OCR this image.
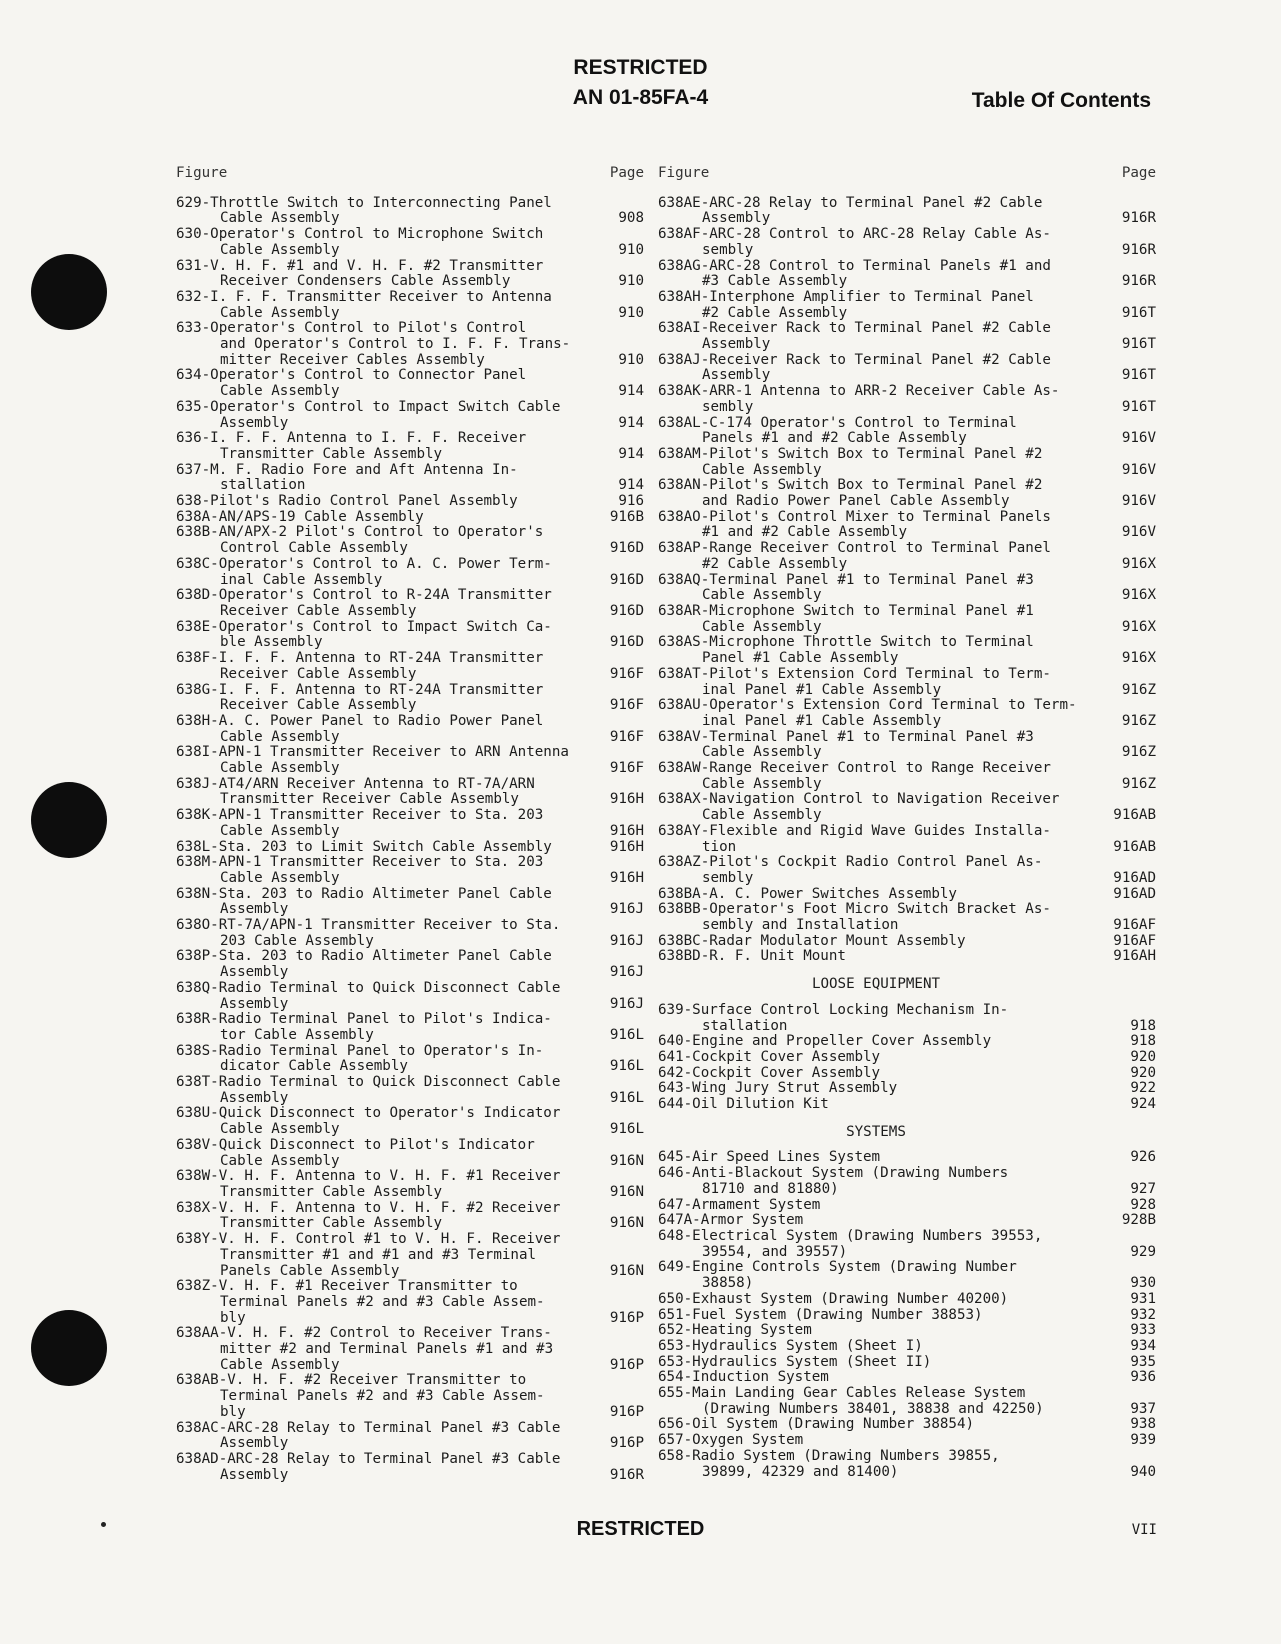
RESTRICTED
AN 01-85FA-4	Table Of Contents
Figure	Page
629-Throttle Switch to Interconnecting Panel
Cable Assembly	908
630-Operator's Control to Microphone Switch
Cable Assembly	910
631-V. H. F. #1 and V. H. F. #2 Transmitter
Receiver Condensers Cable Assembly	910
632-I. F. F. Transmitter Receiver to Antenna
Cable Assembly	910
633-Operator's Control to Pilot's Control
and Operator's Control to I. F. F. Trans-
mitter Receiver Cables Assembly	910
634-Operator's Control to Connector Panel
Cable Assembly	914
635-Operator's Control to Impact Switch Cable
Assembly	914
636-I. F. F. Antenna to I. F. F. Receiver
Transmitter Cable Assembly	914
637-M. F. Radio Fore and Aft Antenna In-
stallation	914
638-Pilot's Radio Control Panel Assembly	916
638A-AN/APS-19 Cable Assembly	916B
638B-AN/APX-2 Pilot's Control to Operator's
Control Cable Assembly	916D
638C-Operator's Control to A. C. Power Term-
inal Cable Assembly	916D
638D-Operator's Control to R-24A Transmitter
Receiver Cable Assembly	916D
638E-Operator's Control to Impact Switch Ca-
ble Assembly	916D
638F-I. F. F. Antenna to RT-24A Transmitter
Receiver Cable Assembly	916F
638G-I. F. F. Antenna to RT-24A Transmitter
Receiver Cable Assembly	916F
638H-A. C. Power Panel to Radio Power Panel
Cable Assembly	916F
638I-APN-1 Transmitter Receiver to ARN Antenna
Cable Assembly	916F
638J-AT4/ARN Receiver Antenna to RT-7A/ARN
Transmitter Receiver Cable Assembly	916H
638K-APN-1 Transmitter Receiver to Sta. 203
Cable Assembly	916H
638L-Sta. 203 to Limit Switch Cable Assembly	916H
638M-APN-1 Transmitter Receiver to Sta. 203
Cable Assembly	916H
638N-Sta. 203 to Radio Altimeter Panel Cable
Assembly	916J
638O-RT-7A/APN-1 Transmitter Receiver to Sta.
203 Cable Assembly	916J
638P-Sta. 203 to Radio Altimeter Panel Cable
Assembly	916J
638Q-Radio Terminal to Quick Disconnect Cable
Assembly	916J
638R-Radio Terminal Panel to Pilot's Indica-
tor Cable Assembly	916L
638S-Radio Terminal Panel to Operator's In-
dicator Cable Assembly	916L
638T-Radio Terminal to Quick Disconnect Cable
Assembly	916L
638U-Quick Disconnect to Operator's Indicator
Cable Assembly	916L
638V-Quick Disconnect to Pilot's Indicator
Cable Assembly	916N
638W-V. H. F. Antenna to V. H. F. #1 Receiver
Transmitter Cable Assembly	916N
638X-V. H. F. Antenna to V. H. F. #2 Receiver
Transmitter Cable Assembly	916N
638Y-V. H. F. Control #1 to V. H. F. Receiver
Transmitter #1 and #1 and #3 Terminal
Panels Cable Assembly	916N
638Z-V. H. F. #1 Receiver Transmitter to
Terminal Panels #2 and #3 Cable Assem-
bly	916P
638AA-V. H. F. #2 Control to Receiver Trans-
mitter #2 and Terminal Panels #1 and #3
Cable Assembly	916P
638AB-V. H. F. #2 Receiver Transmitter to
Terminal Panels #2 and #3 Cable Assem-
bly	916P
638AC-ARC-28 Relay to Terminal Panel #3 Cable
Assembly	916P
638AD-ARC-28 Relay to Terminal Panel #3 Cable
Assembly	916R
Figure	Page
638AE-ARC-28 Relay to Terminal Panel #2 Cable
Assembly	916R
638AF-ARC-28 Control to ARC-28 Relay Cable As-
sembly	916R
638AG-ARC-28 Control to Terminal Panels #1 and
#3 Cable Assembly	916R
638AH-Interphone Amplifier to Terminal Panel
#2 Cable Assembly	916T
638AI-Receiver Rack to Terminal Panel #2 Cable
Assembly	916T
638AJ-Receiver Rack to Terminal Panel #2 Cable
Assembly	916T
638AK-ARR-1 Antenna to ARR-2 Receiver Cable As-
sembly	916T
638AL-C-174 Operator's Control to Terminal
Panels #1 and #2 Cable Assembly	916V
638AM-Pilot's Switch Box to Terminal Panel #2
Cable Assembly	916V
638AN-Pilot's Switch Box to Terminal Panel #2
and Radio Power Panel Cable Assembly	916V
638AO-Pilot's Control Mixer to Terminal Panels
#1 and #2 Cable Assembly	916V
638AP-Range Receiver Control to Terminal Panel
#2 Cable Assembly	916X
638AQ-Terminal Panel #1 to Terminal Panel #3
Cable Assembly	916X
638AR-Microphone Switch to Terminal Panel #1
Cable Assembly	916X
638AS-Microphone Throttle Switch to Terminal
Panel #1 Cable Assembly	916X
638AT-Pilot's Extension Cord Terminal to Term-
inal Panel #1 Cable Assembly	916Z
638AU-Operator's Extension Cord Terminal to Term-
inal Panel #1 Cable Assembly	916Z
638AV-Terminal Panel #1 to Terminal Panel #3
Cable Assembly	916Z
638AW-Range Receiver Control to Range Receiver
Cable Assembly	916Z
638AX-Navigation Control to Navigation Receiver
Cable Assembly	916AB
638AY-Flexible and Rigid Wave Guides Installa-
tion	916AB
638AZ-Pilot's Cockpit Radio Control Panel As-
sembly	916AD
638BA-A. C. Power Switches Assembly	916AD
638BB-Operator's Foot Micro Switch Bracket As-
sembly and Installation	916AF
638BC-Radar Modulator Mount Assembly	916AF
638BD-R. F. Unit Mount	916AH
LOOSE EQUIPMENT
639-Surface Control Locking Mechanism In-
stallation	918
640-Engine and Propeller Cover Assembly	918
641-Cockpit Cover Assembly	920
642-Cockpit Cover Assembly	920
643-Wing Jury Strut Assembly	922
644-Oil Dilution Kit	924
SYSTEMS
645-Air Speed Lines System	926
646-Anti-Blackout System (Drawing Numbers
81710 and 81880)	927
647-Armament System	928
647A-Armor System	928B
648-Electrical System (Drawing Numbers 39553,
39554, and 39557)	929
649-Engine Controls System (Drawing Number
38858)	930
650-Exhaust System (Drawing Number 40200)	931
651-Fuel System (Drawing Number 38853)	932
652-Heating System	933
653-Hydraulics System (Sheet I)	934
653-Hydraulics System (Sheet II)	935
654-Induction System	936
655-Main Landing Gear Cables Release System
(Drawing Numbers 38401, 38838 and 42250)	937
656-Oil System (Drawing Number 38854)	938
657-Oxygen System	939
658-Radio System (Drawing Numbers 39855,
39899, 42329 and 81400)	940
RESTRICTED	VII
